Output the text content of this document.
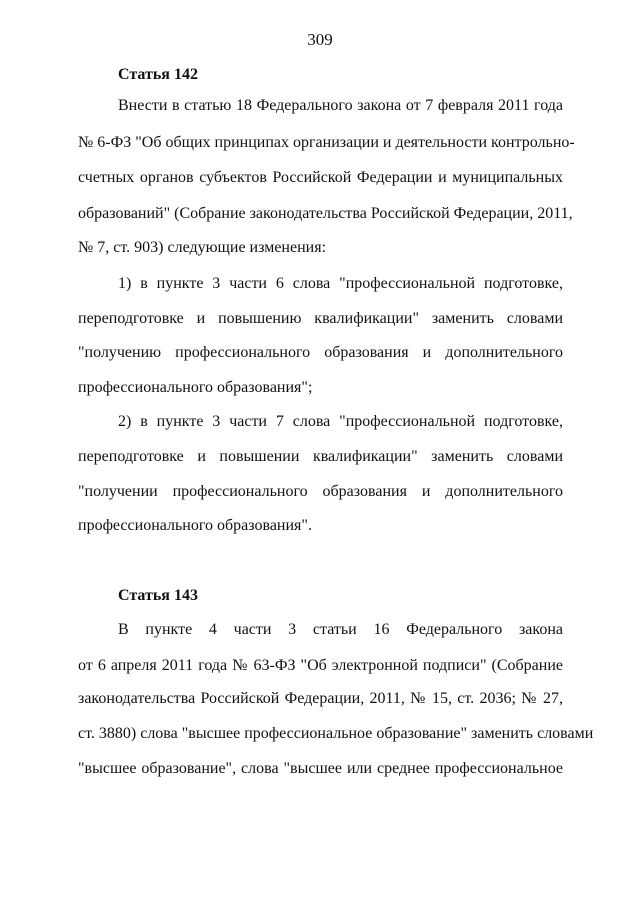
309
Статья 142
Внести в статью 18 Федерального закона от 7 февраля 2011 года
№ 6-ФЗ "Об общих принципах организации и деятельности контрольно-
счетных органов субъектов Российской Федерации и муниципальных
образований" (Собрание законодательства Российской Федерации, 2011,
№ 7, ст. 903) следующие изменения:
1) в пункте 3 части 6 слова "профессиональной подготовке,
переподготовке и повышению квалификации" заменить словами
"получению профессионального образования и дополнительного
профессионального образования";
2) в пункте 3 части 7 слова "профессиональной подготовке,
переподготовке и повышении квалификации" заменить словами
"получении профессионального образования и дополнительного
профессионального образования".
Статья 143
В пункте 4 части 3 статьи 16 Федерального закона
от 6 апреля 2011 года № 63-ФЗ "Об электронной подписи" (Собрание
законодательства Российской Федерации, 2011, № 15, ст. 2036; № 27,
ст. 3880) слова "высшее профессиональное образование" заменить словами
"высшее образование", слова "высшее или среднее профессиональное
